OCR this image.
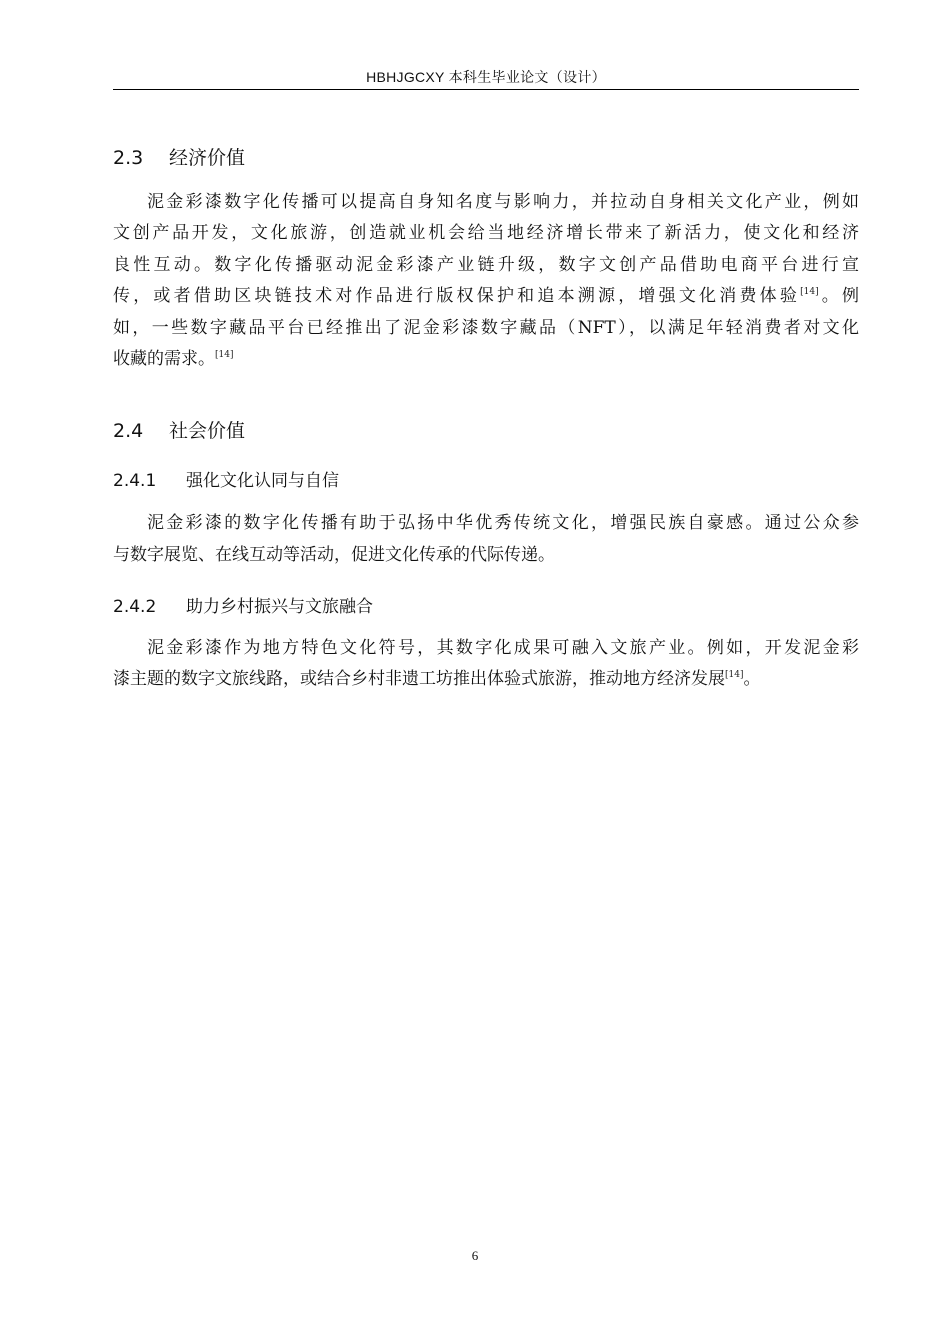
HBHJGCXY 本科生毕业论文（设计）
2.3 经济价值
泥金彩漆数字化传播可以提高自身知名度与影响力，并拉动自身相关文化产业，例如
文创产品开发，文化旅游，创造就业机会给当地经济增长带来了新活力，使文化和经济
良性互动。数字化传播驱动泥金彩漆产业链升级，数字文创产品借助电商平台进行宣
传，或者借助区块链技术对作品进行版权保护和追本溯源，增强文化消费体验[14]。例
如，一些数字藏品平台已经推出了泥金彩漆数字藏品（NFT），以满足年轻消费者对文化
收藏的需求。[14]
2.4 社会价值
2.4.1 强化文化认同与自信
泥金彩漆的数字化传播有助于弘扬中华优秀传统文化，增强民族自豪感。通过公众参
与数字展览、在线互动等活动，促进文化传承的代际传递。
2.4.2 助力乡村振兴与文旅融合
泥金彩漆作为地方特色文化符号，其数字化成果可融入文旅产业。例如，开发泥金彩
漆主题的数字文旅线路，或结合乡村非遗工坊推出体验式旅游，推动地方经济发展[14]。
6
